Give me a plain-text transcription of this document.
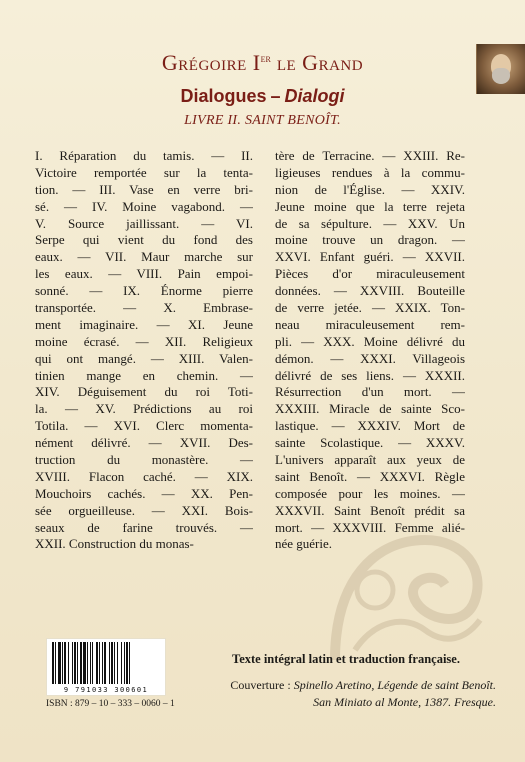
Grégoire Ier le Grand
Dialogues – Dialogi
LIVRE II. SAINT BENOÎT.
I. Réparation du tamis. — II.
Victoire remportée sur la tenta-
tion. — III. Vase en verre bri-
sé. — IV. Moine vagabond. —
V. Source jaillissant. — VI.
Serpe qui vient du fond des
eaux. — VII. Maur marche sur
les eaux. — VIII. Pain empoi-
sonné. — IX. Énorme pierre
transportée. — X. Embrase-
ment imaginaire. — XI. Jeune
moine écrasé. — XII. Religieux
qui ont mangé. — XIII. Valen-
tinien mange en chemin. —
XIV. Déguisement du roi Toti-
la. — XV. Prédictions au roi
Totila. — XVI. Clerc momenta-
nément délivré. — XVII. Des-
truction du monastère. —
XVIII. Flacon caché. — XIX.
Mouchoirs cachés. — XX. Pen-
sée orgueilleuse. — XXI. Bois-
seaux de farine trouvés. —
XXII. Construction du monas-
tère de Terracine. — XXIII. Re-
ligieuses rendues à la commu-
nion de l'Église. — XXIV.
Jeune moine que la terre rejeta
de sa sépulture. — XXV. Un
moine trouve un dragon. —
XXVI. Enfant guéri. — XXVII.
Pièces d'or miraculeusement
données. — XXVIII. Bouteille
de verre jetée. — XXIX. Ton-
neau miraculeusement rem-
pli. — XXX. Moine délivré du
démon. — XXXI. Villageois
délivré de ses liens. — XXXII.
Résurrection d'un mort. —
XXXIII. Miracle de sainte Sco-
lastique. — XXXIV. Mort de
sainte Scolastique. — XXXV.
L'univers apparaît aux yeux de
saint Benoît. — XXXVI. Règle
composée pour les moines. —
XXXVII. Saint Benoît prédit sa
mort. — XXXVIII. Femme alié-
née guérie.
9 791033 300601
ISBN : 879 – 10 – 333 – 0060 – 1
Texte intégral latin et traduction française.
Couverture : Spinello Aretino, Légende de saint Benoît.
San Miniato al Monte, 1387. Fresque.
